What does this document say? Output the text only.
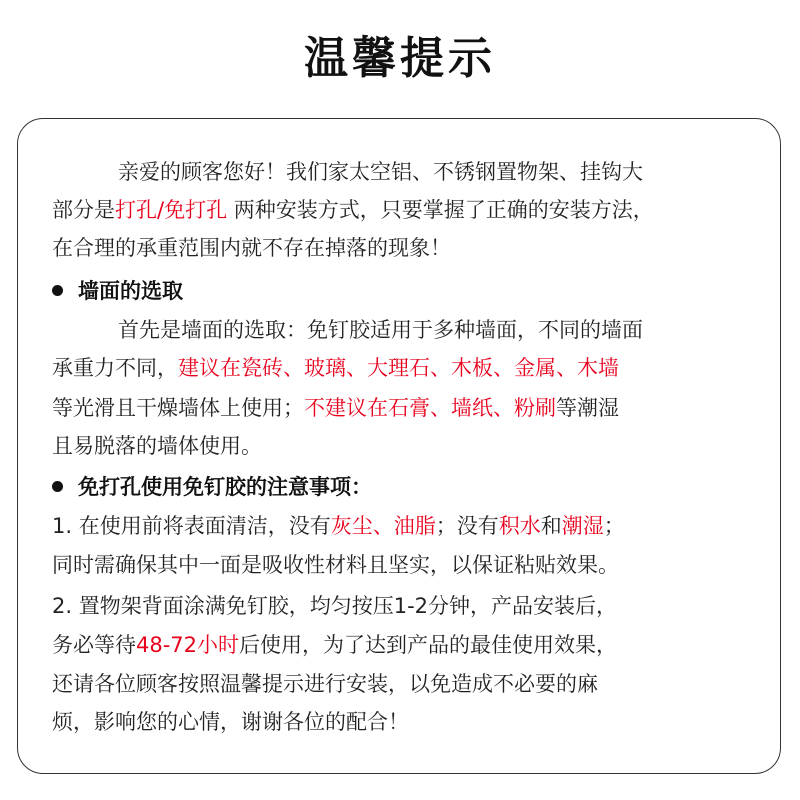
温馨提示
亲爱的顾客您好！我们家太空铝、不锈钢置物架、挂钩大
部分是打孔/免打孔 两种安装方式，只要掌握了正确的安装方法，
在合理的承重范围内就不存在掉落的现象！
墙面的选取
首先是墙面的选取：免钉胶适用于多种墙面，不同的墙面
承重力不同，建议在瓷砖、玻璃、大理石、木板、金属、木墙
等光滑且干燥墙体上使用；不建议在石膏、墙纸、粉刷等潮湿
且易脱落的墙体使用。
免打孔使用免钉胶的注意事项：
1. 在使用前将表面清洁，没有灰尘、油脂；没有积水和潮湿；
同时需确保其中一面是吸收性材料且坚实，以保证粘贴效果。
2. 置物架背面涂满免钉胶，均匀按压1-2分钟，产品安装后，
务必等待48-72小时后使用，为了达到产品的最佳使用效果，
还请各位顾客按照温馨提示进行安装，以免造成不必要的麻
烦，影响您的心情，谢谢各位的配合！
